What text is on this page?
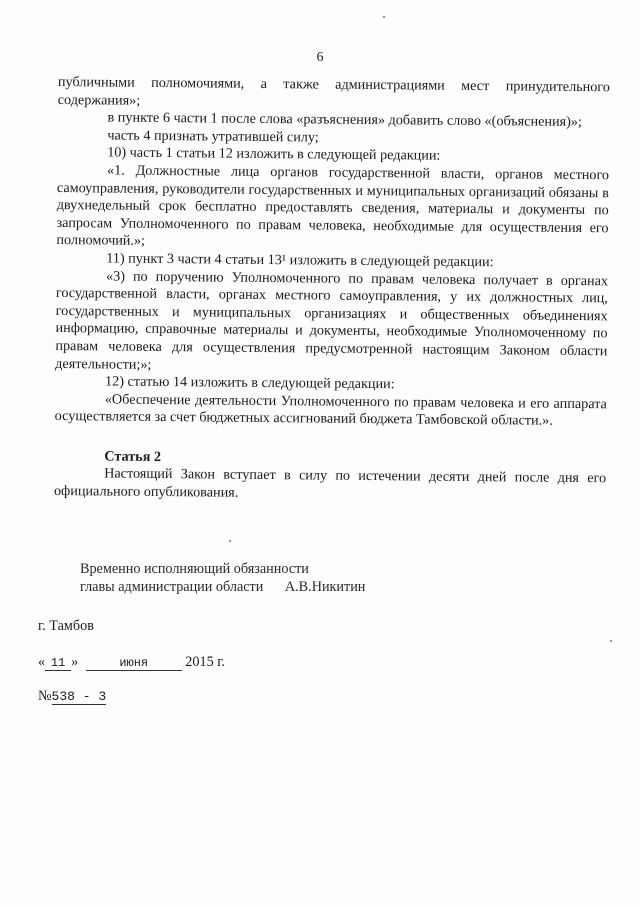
6

публичными полномочиями, а также администрациями мест принудительного содержания»;

в пункте 6 части 1 после слова «разъяснения» добавить слово «(объяснения)»;

часть 4 признать утратившей силу;

10) часть 1 статьи 12 изложить в следующей редакции:

«1. Должностные лица органов государственной власти, органов местного самоуправления, руководители государственных и муниципальных организаций обязаны в двухнедельный срок бесплатно предоставлять сведения, материалы и документы по запросам Уполномоченного по правам человека, необходимые для осуществления его полномочий.»;

11) пункт 3 части 4 статьи 13¹ изложить в следующей редакции:

«3) по поручению Уполномоченного по правам человека получает в органах государственной власти, органах местного самоуправления, у их должностных лиц, государственных и муниципальных организациях и общественных объединениях информацию, справочные материалы и документы, необходимые Уполномоченному по правам человека для осуществления предусмотренной настоящим Законом области деятельности;»;

12) статью 14 изложить в следующей редакции:

«Обеспечение деятельности Уполномоченного по правам человека и его аппарата осуществляется за счет бюджетных ассигнований бюджета Тамбовской области.».

Статья 2

Настоящий Закон вступает в силу по истечении десяти дней после дня его официального опубликования.

Временно исполняющий обязанности
главы администрации области А.В.Никитин
г. Тамбов
« 11 »	июня	2015 г.
№538 - 3
